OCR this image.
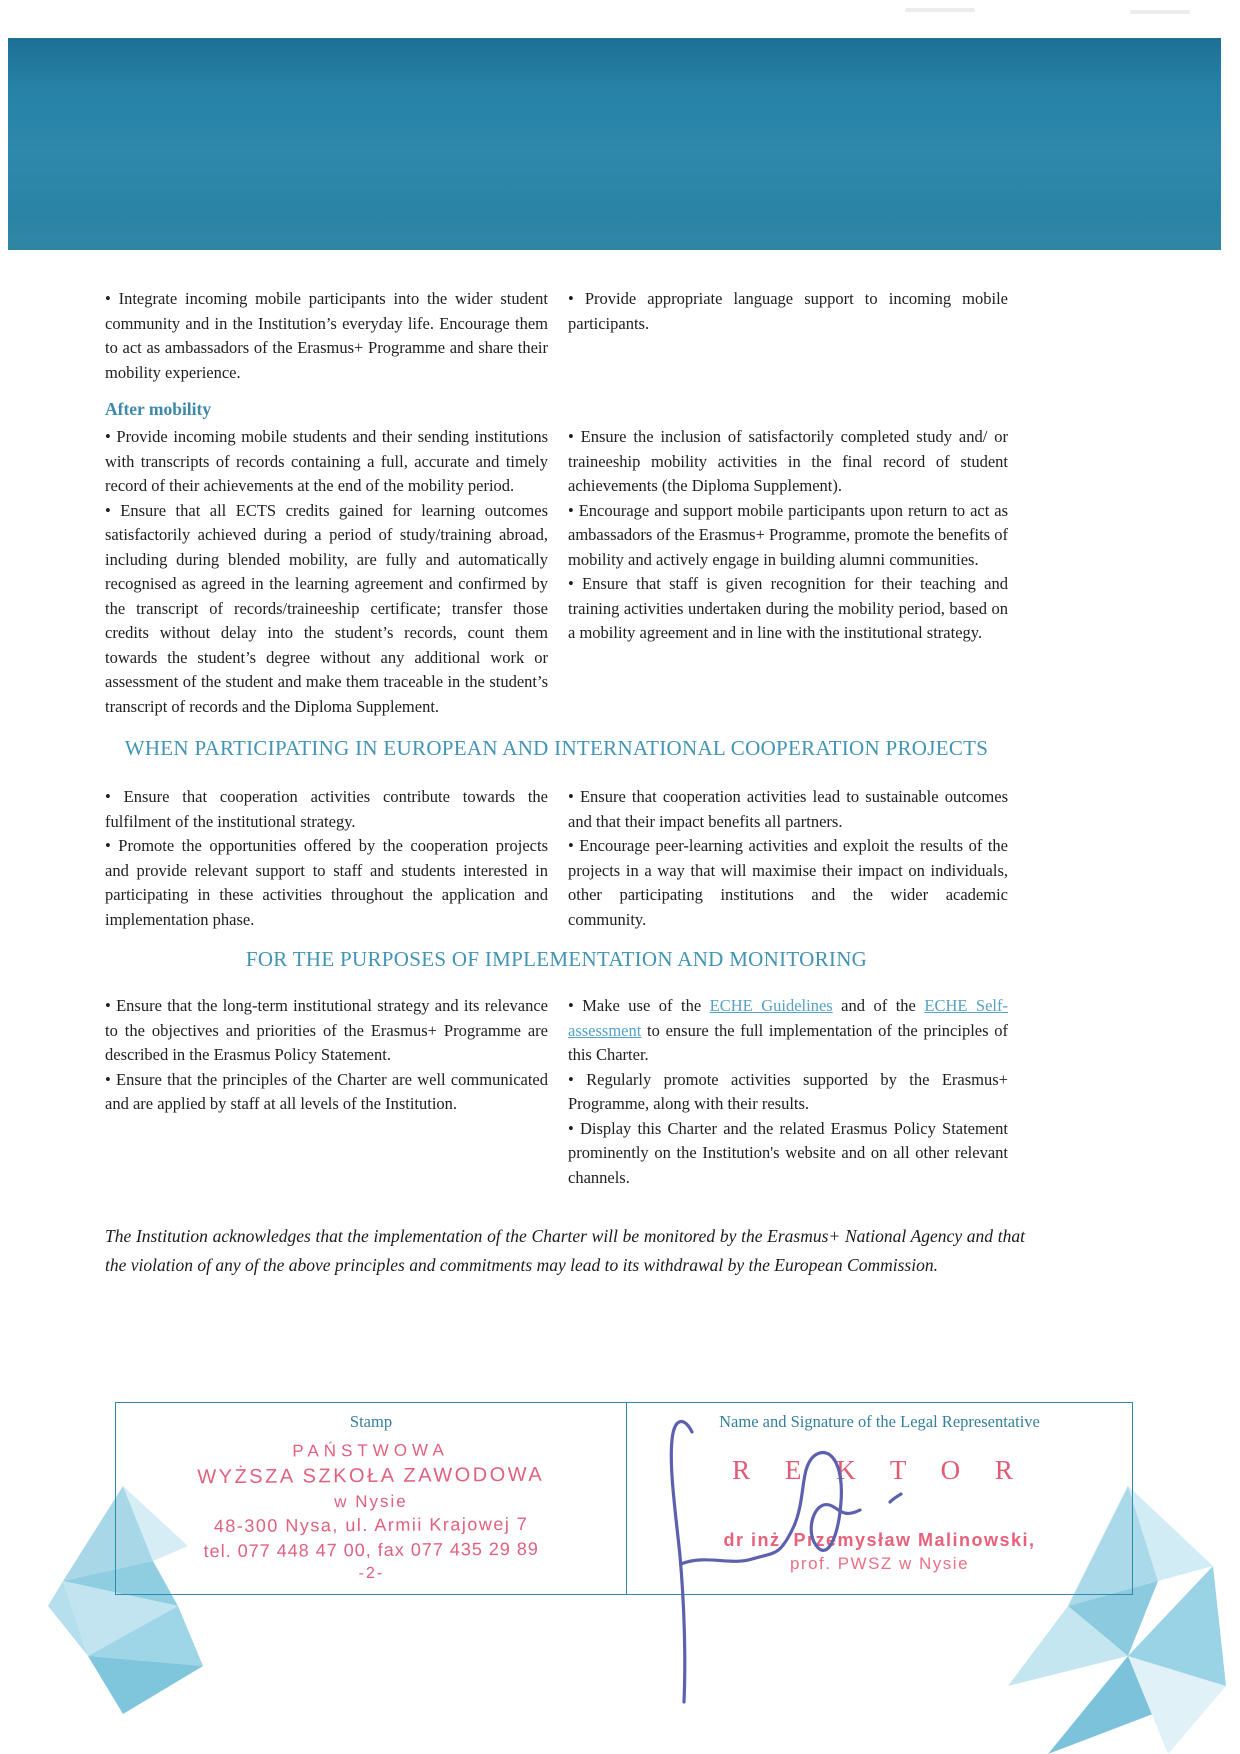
• Integrate incoming mobile participants into the wider student community and in the Institution’s everyday life. Encourage them to act as ambassadors of the Erasmus+ Programme and share their mobility experience.

• Provide appropriate language support to incoming mobile participants.

After mobility

• Provide incoming mobile students and their sending institutions with transcripts of records containing a full, accurate and timely record of their achievements at the end of the mobility period.

• Ensure that all ECTS credits gained for learning outcomes satisfactorily achieved during a period of study/training abroad, including during blended mobility, are fully and automatically recognised as agreed in the learning agreement and confirmed by the transcript of records/traineeship certificate; transfer those credits without delay into the student’s records, count them towards the student’s degree without any additional work or assessment of the student and make them traceable in the student’s transcript of records and the Diploma Supplement.

• Ensure the inclusion of satisfactorily completed study and/ or traineeship mobility activities in the final record of student achievements (the Diploma Supplement).

• Encourage and support mobile participants upon return to act as ambassadors of the Erasmus+ Programme, promote the benefits of mobility and actively engage in building alumni communities.

• Ensure that staff is given recognition for their teaching and training activities undertaken during the mobility period, based on a mobility agreement and in line with the institutional strategy.

WHEN PARTICIPATING IN EUROPEAN AND INTERNATIONAL COOPERATION PROJECTS

• Ensure that cooperation activities contribute towards the fulfilment of the institutional strategy.

• Promote the opportunities offered by the cooperation projects and provide relevant support to staff and students interested in participating in these activities throughout the application and implementation phase.

• Ensure that cooperation activities lead to sustainable outcomes and that their impact benefits all partners.

• Encourage peer-learning activities and exploit the results of the projects in a way that will maximise their impact on individuals, other participating institutions and the wider academic community.

FOR THE PURPOSES OF IMPLEMENTATION AND MONITORING

• Ensure that the long-term institutional strategy and its relevance to the objectives and priorities of the Erasmus+ Programme are described in the Erasmus Policy Statement.

• Ensure that the principles of the Charter are well communicated and are applied by staff at all levels of the Institution.

• Make use of the ECHE Guidelines and of the ECHE Self-assessment to ensure the full implementation of the principles of this Charter.

• Regularly promote activities supported by the Erasmus+ Programme, along with their results.

• Display this Charter and the related Erasmus Policy Statement prominently on the Institution's website and on all other relevant channels.

The Institution acknowledges that the implementation of the Charter will be monitored by the Erasmus+ National Agency and that the violation of any of the above principles and commitments may lead to its withdrawal by the European Commission.

Stamp
PAŃSTWOWA
WYŻSZA SZKOŁA ZAWODOWA
w Nysie
48-300 Nysa, ul. Armii Krajowej 7
tel. 077 448 47 00, fax 077 435 29 89
-2-
Name and Signature of the Legal Representative
R E K T O R
dr inż. Przemysław Malinowski,
prof. PWSZ w Nysie
